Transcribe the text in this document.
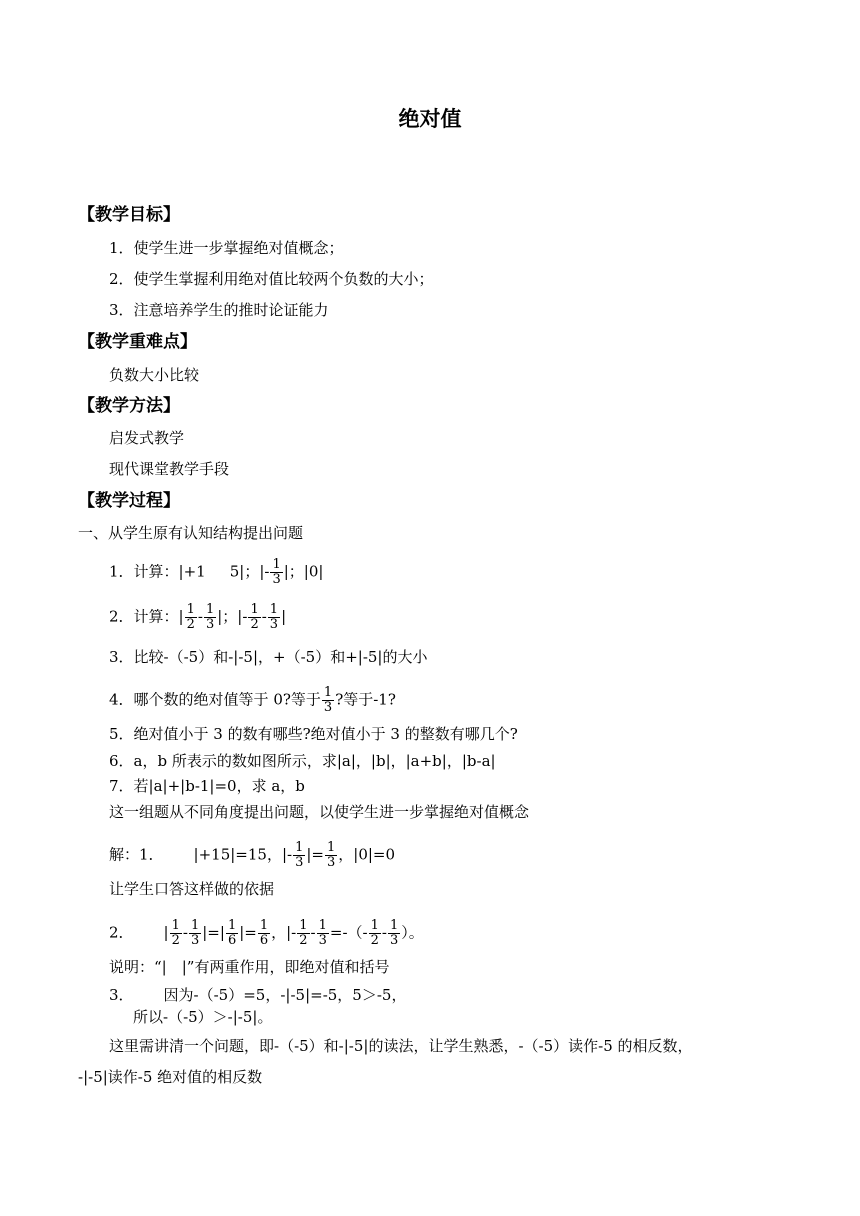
绝对值
【教学目标】
1．使学生进一步掌握绝对值概念；
2．使学生掌握利用绝对值比较两个负数的大小；
3．注意培养学生的推时论证能力
【教学重难点】
负数大小比较
【教学方法】
启发式教学
现代课堂教学手段
【教学过程】
一、从学生原有认知结构提出问题
1．计算：|+1 5|；|- $\frac{1}{3}$ |；|0|
2．计算：| $\frac{1}{2} - \frac{1}{3}$ |；|- $\frac{1}{2} - \frac{1}{3}$ |
3．比较-（-5）和-|-5|，+（-5）和+|-5|的大小
4．哪个数的绝对值等于 0?等于 $\frac{1}{3}$ ?等于-1?
5．绝对值小于 3 的数有哪些?绝对值小于 3 的整数有哪几个?
6．a，b 所表示的数如图所示，求|a|，|b|，|a+b|，|b-a|
7．若|a|+|b-1|=0，求 a，b
这一组题从不同角度提出问题，以使学生进一步掌握绝对值概念
解：1． |+15|=15，|- $\frac{1}{3}$ |= $\frac{1}{3}$ ，|0|=0
让学生口答这样做的依据
2． | $\frac{1}{2} - \frac{1}{3}$ |=| $\frac{1}{6}$ |= $\frac{1}{6}$ ，|- $\frac{1}{2} - \frac{1}{3}$ =-（- $\frac{1}{2} - \frac{1}{3}$ ）。
说明：“|　|”有两重作用，即绝对值和括号
3． 因为-（-5）=5，-|-5|=-5，5＞-5，
所以-（-5）＞-|-5|。
这里需讲清一个问题，即-（-5）和-|-5|的读法，让学生熟悉，-（-5）读作-5 的相反数，
-|-5|读作-5 绝对值的相反数
